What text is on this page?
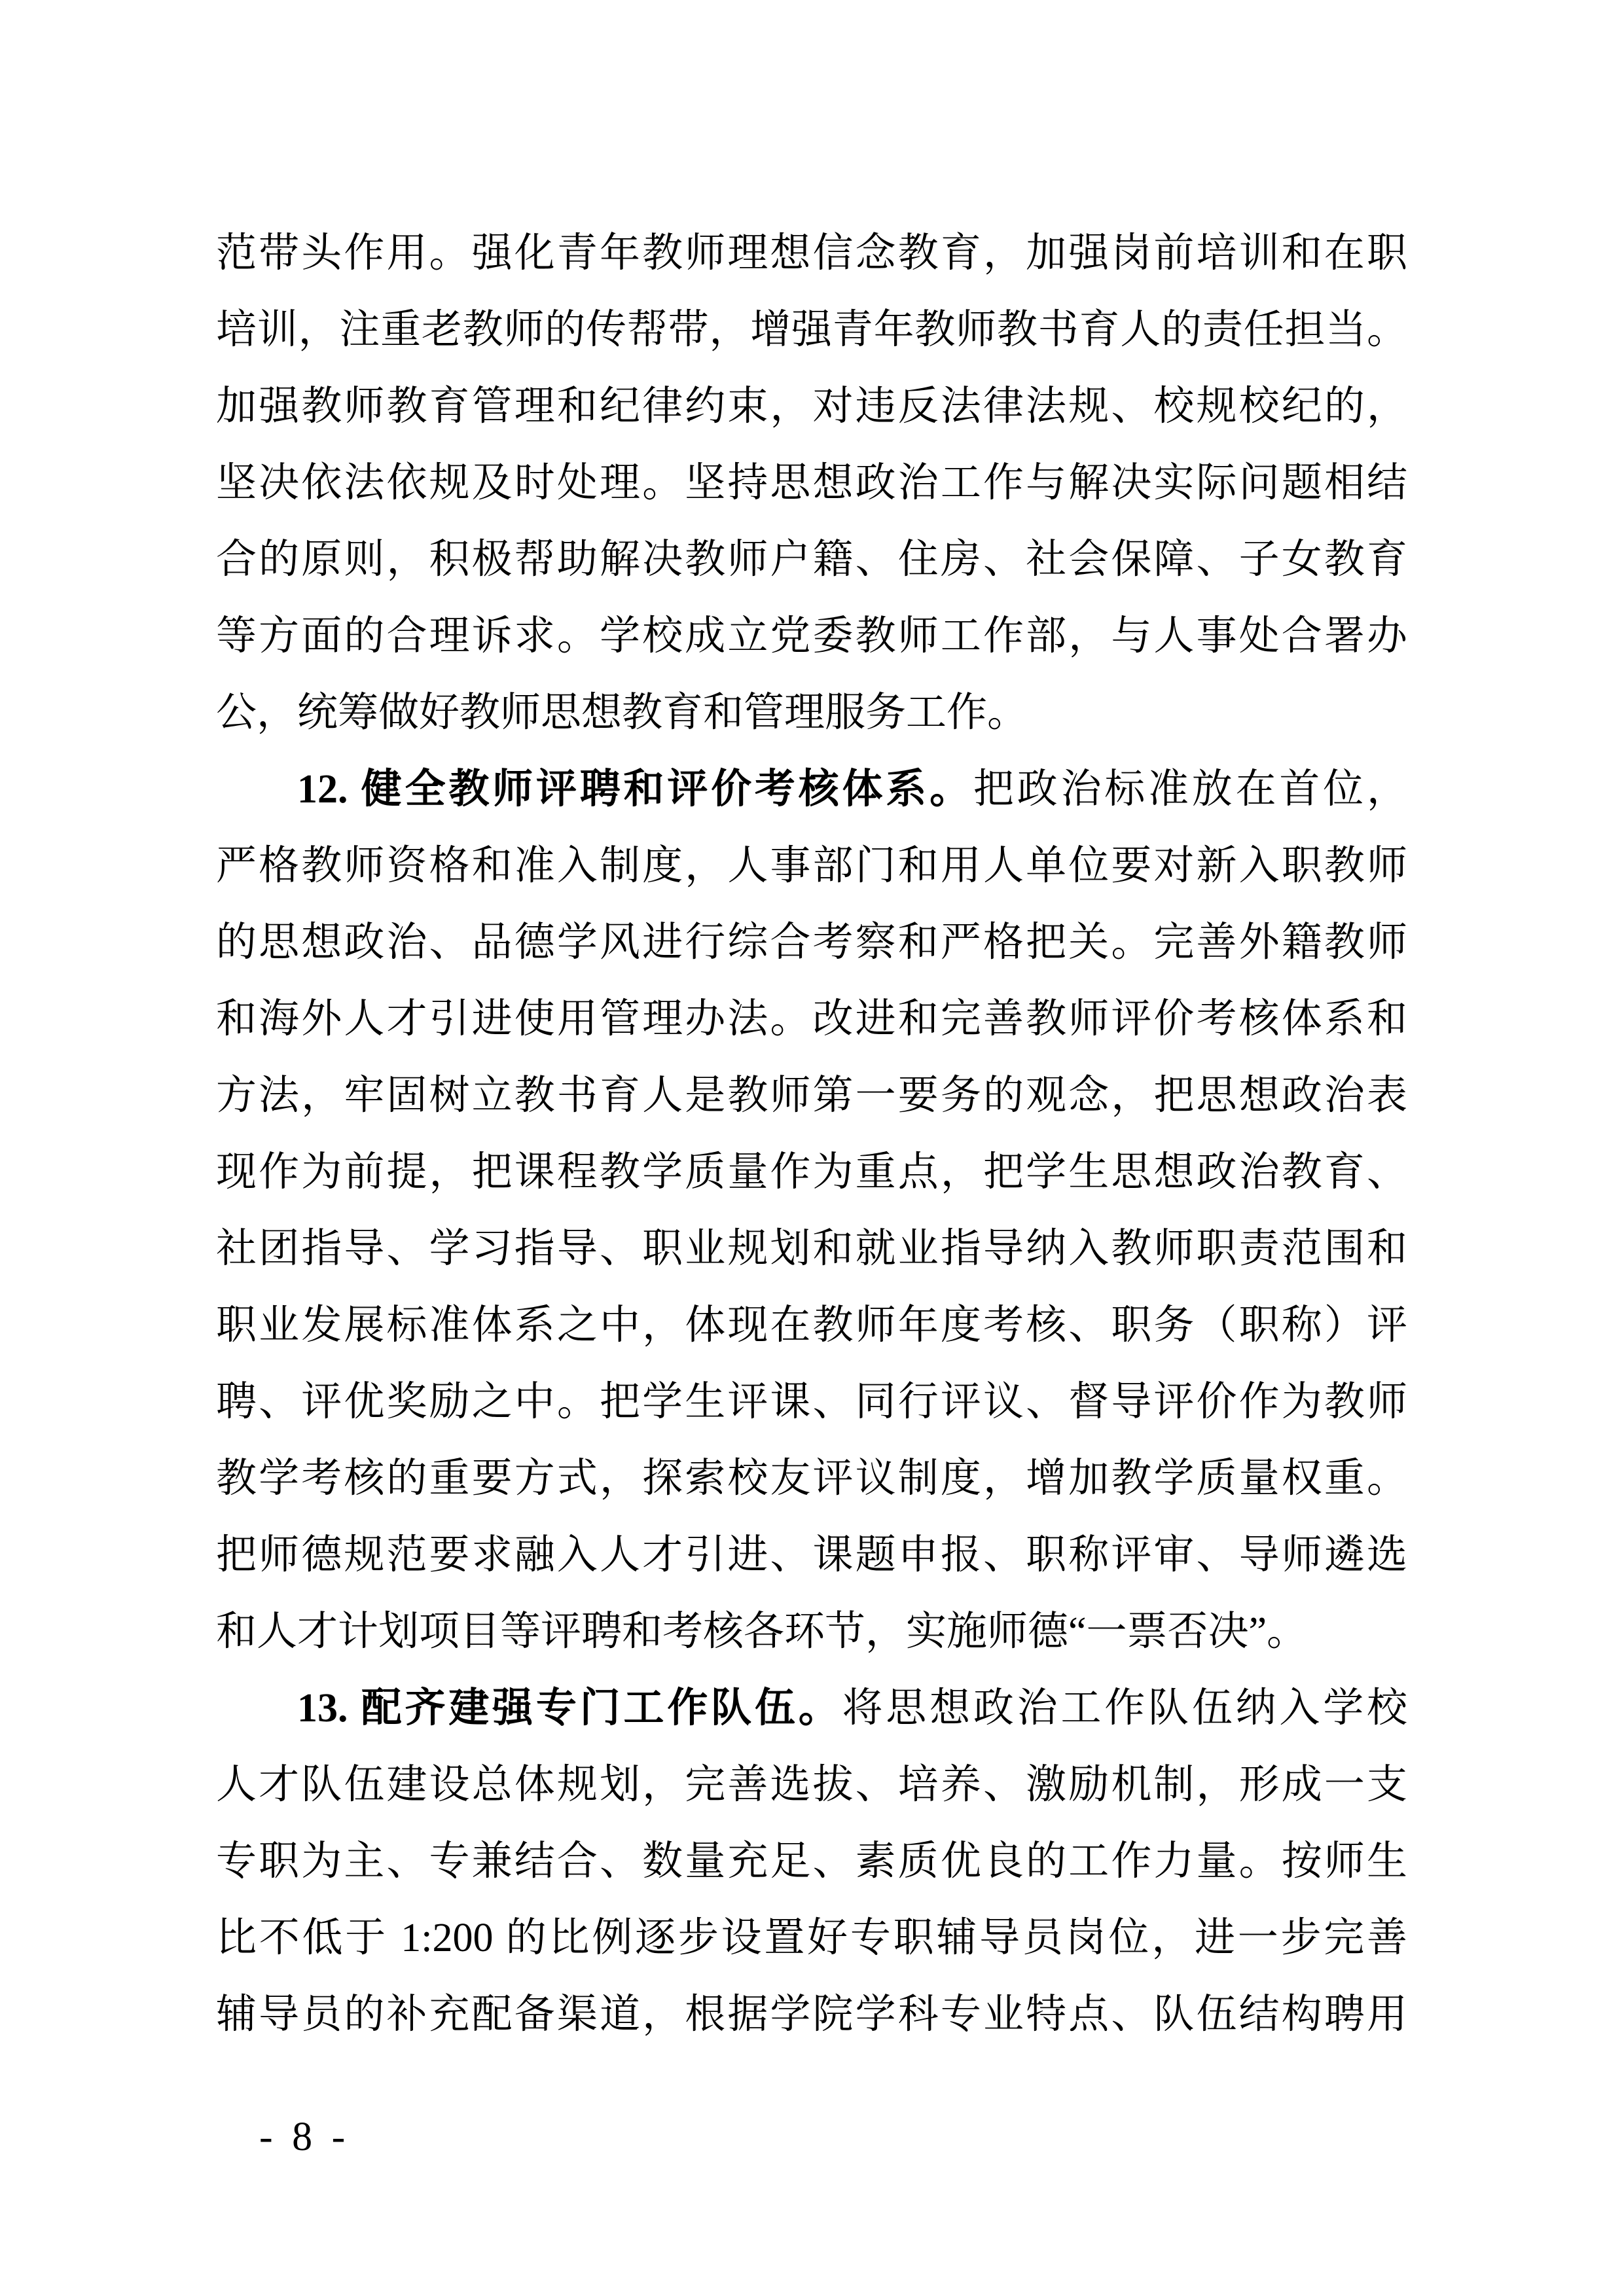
范带头作用。强化青年教师理想信念教育，加强岗前培训和在职
培训，注重老教师的传帮带，增强青年教师教书育人的责任担当。
加强教师教育管理和纪律约束，对违反法律法规、校规校纪的，
坚决依法依规及时处理。坚持思想政治工作与解决实际问题相结
合的原则，积极帮助解决教师户籍、住房、社会保障、子女教育
等方面的合理诉求。学校成立党委教师工作部，与人事处合署办
公，统筹做好教师思想教育和管理服务工作。
12. 健全教师评聘和评价考核体系。把政治标准放在首位，
严格教师资格和准入制度，人事部门和用人单位要对新入职教师
的思想政治、品德学风进行综合考察和严格把关。完善外籍教师
和海外人才引进使用管理办法。改进和完善教师评价考核体系和
方法，牢固树立教书育人是教师第一要务的观念，把思想政治表
现作为前提，把课程教学质量作为重点，把学生思想政治教育、
社团指导、学习指导、职业规划和就业指导纳入教师职责范围和
职业发展标准体系之中，体现在教师年度考核、职务（职称）评
聘、评优奖励之中。把学生评课、同行评议、督导评价作为教师
教学考核的重要方式，探索校友评议制度，增加教学质量权重。
把师德规范要求融入人才引进、课题申报、职称评审、导师遴选
和人才计划项目等评聘和考核各环节，实施师德“一票否决”。
13. 配齐建强专门工作队伍。将思想政治工作队伍纳入学校
人才队伍建设总体规划，完善选拔、培养、激励机制，形成一支
专职为主、专兼结合、数量充足、素质优良的工作力量。按师生
比不低于 1:200 的比例逐步设置好专职辅导员岗位，进一步完善
辅导员的补充配备渠道，根据学院学科专业特点、队伍结构聘用
- 8 -
